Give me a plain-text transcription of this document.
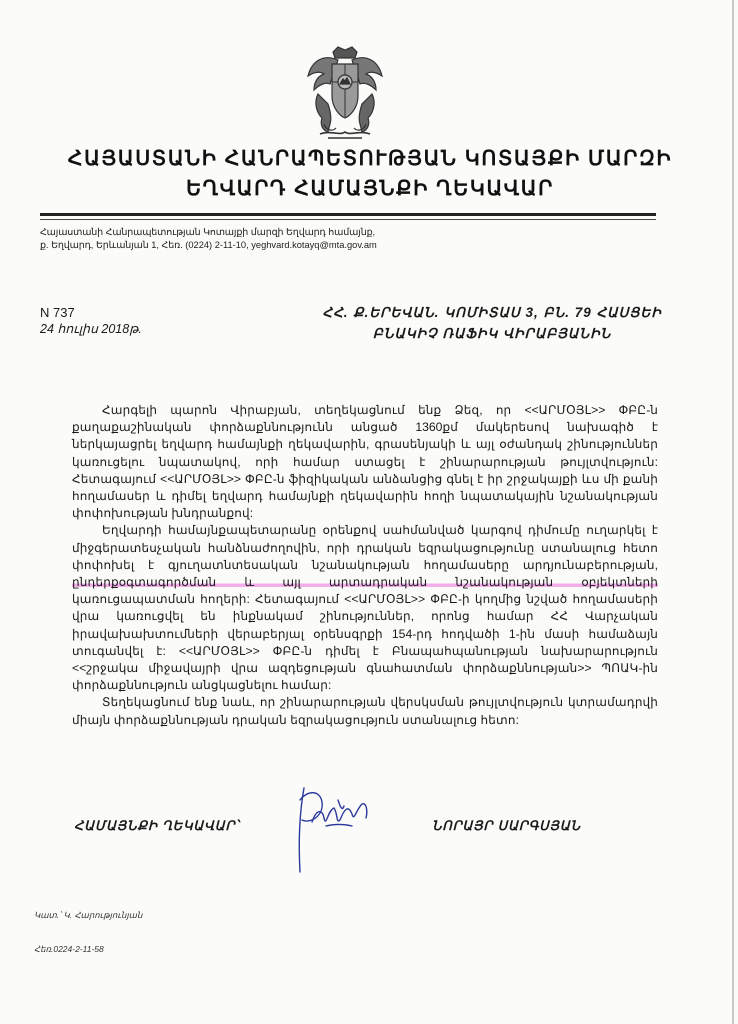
ՀԱՅԱՍՏԱՆԻ ՀԱՆՐԱՊԵՏՈՒԹՅԱՆ ԿՈՏԱՅՔԻ ՄԱՐԶԻ
ԵՂՎԱՐԴ ՀԱՄԱՅՆՔԻ ՂԵԿԱՎԱՐ
Հայաստանի Հանրապետության Կոտայքի մարզի Եղվարդ համայնք,
ք. Եղվարդ, Երևանյան 1, Հեռ. (0224) 2-11-10, yeghvard.kotayq@mta.gov.am
N 737
24 հուլիս 2018թ.
ՀՀ. Ք.ԵՐԵՎԱՆ. ԿՈՄԻՏԱՍ 3, ԲՆ. 79 ՀԱՍՑԵԻ
ԲՆԱԿԻՉ ՌԱՖԻԿ ՎԻՐԱԲՅԱՆԻՆ

Հարգելի պարոն Վիրաբյան, տեղեկացնում ենք Ձեզ, որ <<ԱՐՄՕՅԼ>> ՓԲԸ-ն քաղաքաշինական փորձաքննությունն անցած 1360քմ մակերեսով նախագիծ է ներկայացրել եղվարդ համայնքի ղեկավարին, գրասենյակի և այլ օժանդակ շինություններ կառուցելու նպատակով, որի համար ստացել է շինարարության թույլտվություն: Հետագայում <<ԱՐՄՕՅԼ>> ՓԲԸ-ն ֆիզիկական անձանցից գնել է իր շրջակայքի ևս մի քանի հողամասեր և դիմել եղվարդ համայնքի ղեկավարին հողի նպատակային նշանակության փոփոխության խնդրանքով:

Եղվարդի համայնքապետարանը օրենքով սահմանված կարգով դիմումը ուղարկել է միջգերատեսչական հանձնաժողովին, որի դրական եզրակացությունը ստանալուց հետո փոփոխել է գյուղատնտեսական նշանակության հողամասերը արդյունաբերության, ընդերքօգտագործման և այլ արտադրական նշանակության օբյեկտների կառուցապատման հողերի: Հետագայում <<ԱՐՄՕՅԼ>> ՓԲԸ-ի կողմից նշված հողամասերի վրա կառուցվել են ինքնակամ շինություններ, որոնց համար ՀՀ Վարչական իրավախախտումների վերաբերյալ օրենսգրքի 154-րդ հոդվածի 1-ին մասի համաձայն տուգանվել է: <<ԱՐՄՕՅԼ>> ՓԲԸ-ն դիմել է Բնապահպանության նախարարություն <<շրջակա միջավայրի վրա ազդեցության գնահատման փորձաքննության>> ՊՈԱԿ-ին փորձաքննություն անցկացնելու համար:

Տեղեկացնում ենք նաև, որ շինարարության վերսկսման թույլտվություն կտրամադրվի միայն փորձաքննության դրական եզրակացություն ստանալուց հետո:

ՀԱՄԱՅՆՔԻ ՂԵԿԱՎԱՐ՝	ՆՈՐԱՅՐ ՍԱՐԳՍՅԱՆ
Կատ.՝ Կ. Հարությունյան
Հեռ.0224-2-11-58
